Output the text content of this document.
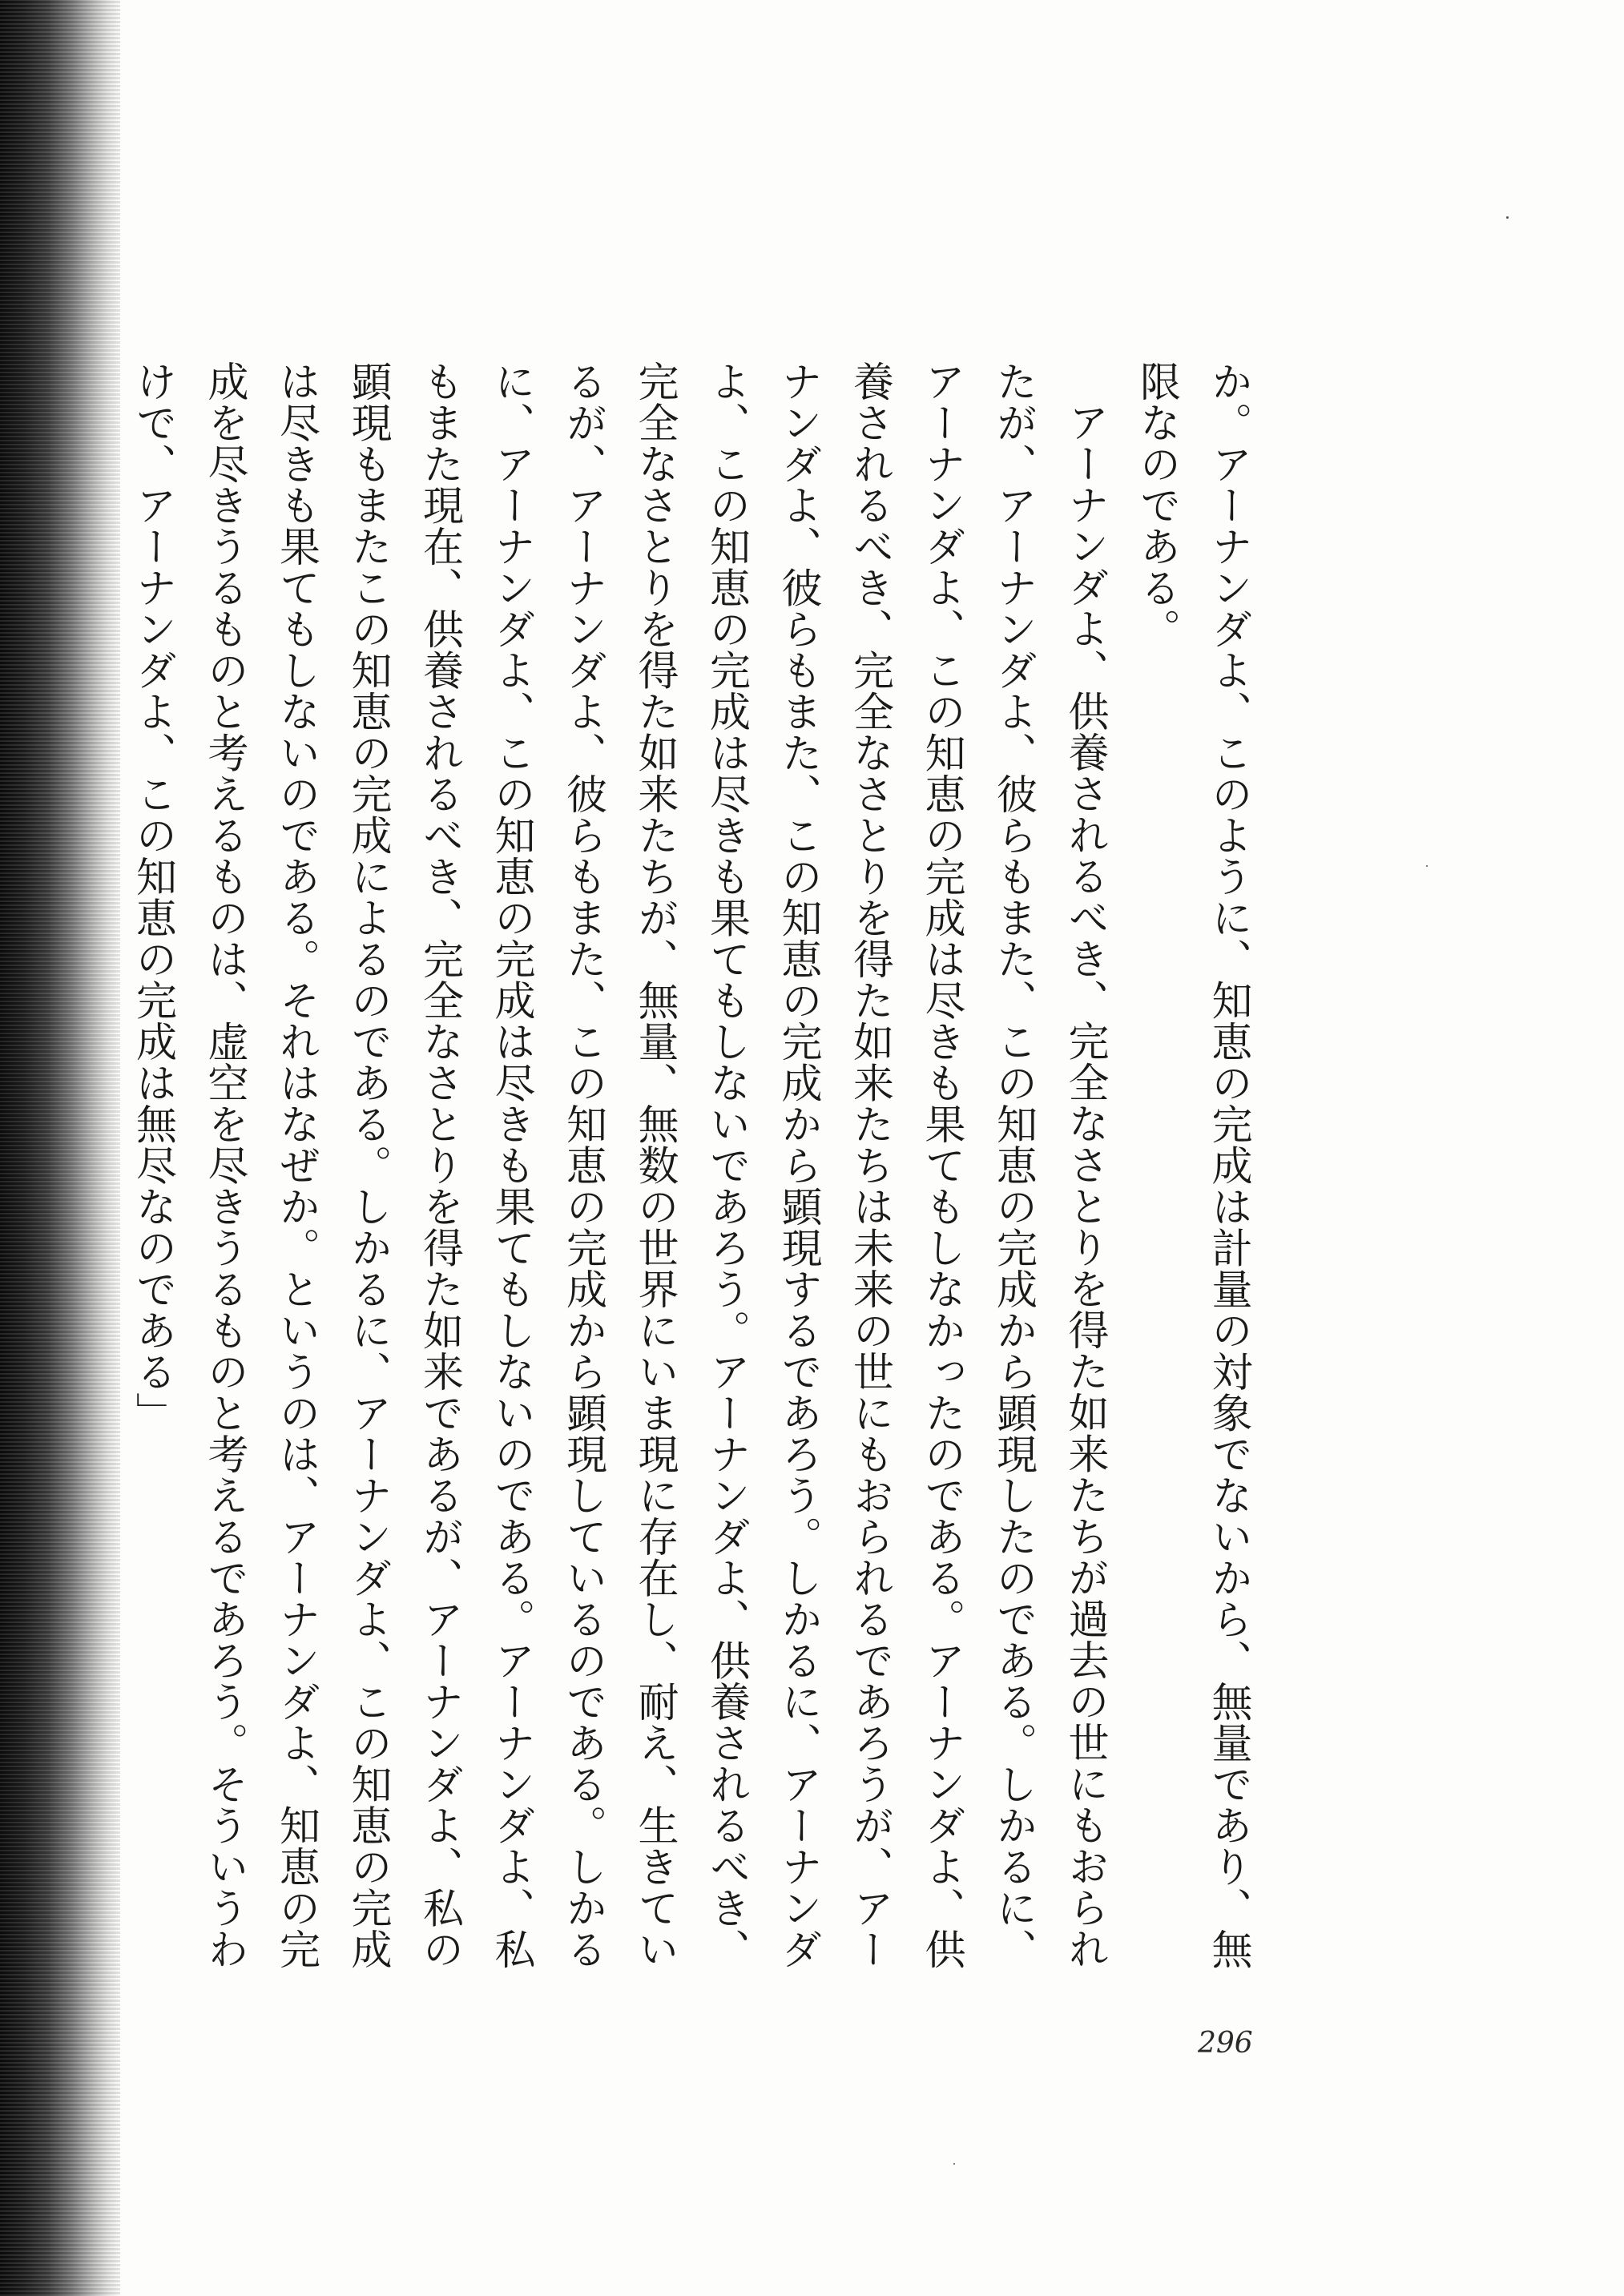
か。アーナンダよ、このように、知恵の完成は計量の対象でないから、無量であり、無限なのである。
アーナンダよ、供養されるべき、完全なさとりを得た如来たちが過去の世にもおられたが、アーナンダよ、彼らもまた、この知恵の完成から顕現したのである。しかるに、アーナンダよ、この知恵の完成は尽きも果てもしなかったのである。アーナンダよ、供養されるべき、完全なさとりを得た如来たちは未来の世にもおられるであろうが、アーナンダよ、彼らもまた、この知恵の完成から顕現するであろう。しかるに、アーナンダよ、この知恵の完成は尽きも果てもしないであろう。アーナンダよ、供養されるべき、完全なさとりを得た如来たちが、無量、無数の世界にいま現に存在し、耐え、生きているが、アーナンダよ、彼らもまた、この知恵の完成から顕現しているのである。しかるに、アーナンダよ、この知恵の完成は尽きも果てもしないのである。アーナンダよ、私もまた現在、供養されるべき、完全なさとりを得た如来であるが、アーナンダよ、私の顕現もまたこの知恵の完成によるのである。しかるに、アーナンダよ、この知恵の完成は尽きも果てもしないのである。それはなぜか。というのは、アーナンダよ、知恵の完成を尽きうるものと考えるものは、虚空を尽きうるものと考えるであろう。そういうわけで、アーナンダよ、この知恵の完成は無尽なのである」
296
